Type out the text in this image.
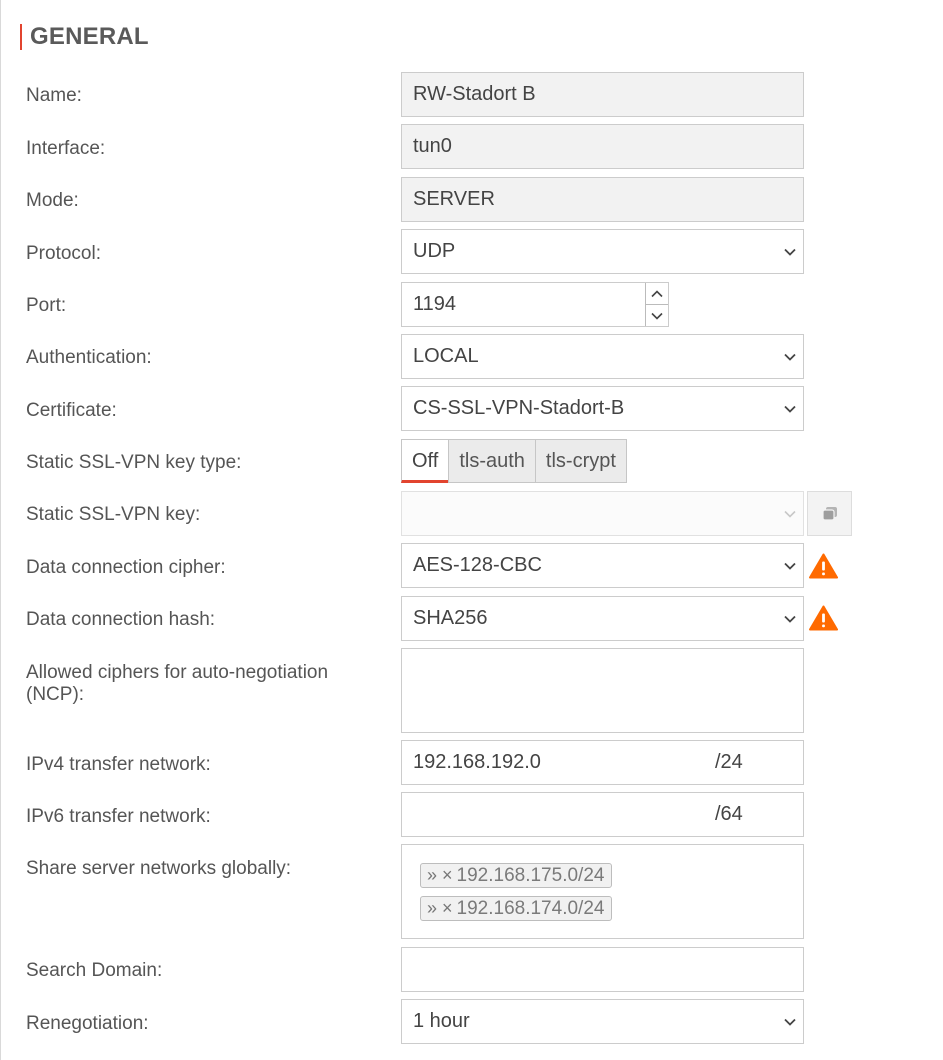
GENERAL
Name:	RW-Stadort B
Interface:	tun0
Mode:	SERVER
Protocol:	UDP
Port:	1194
Authentication:	LOCAL
Certificate:	CS-SSL-VPN-Stadort-B
Static SSL-VPN key type:	Off	tls-auth	tls-crypt
Static SSL-VPN key:
Data connection cipher:	AES-128-CBC
Data connection hash:	SHA256
Allowed ciphers for auto-negotiation (NCP):
IPv4 transfer network:	192.168.192.0	/24
IPv6 transfer network:	/64
Share server networks globally:	» × 192.168.175.0/24
» × 192.168.174.0/24
Search Domain:
Renegotiation:	1 hour
